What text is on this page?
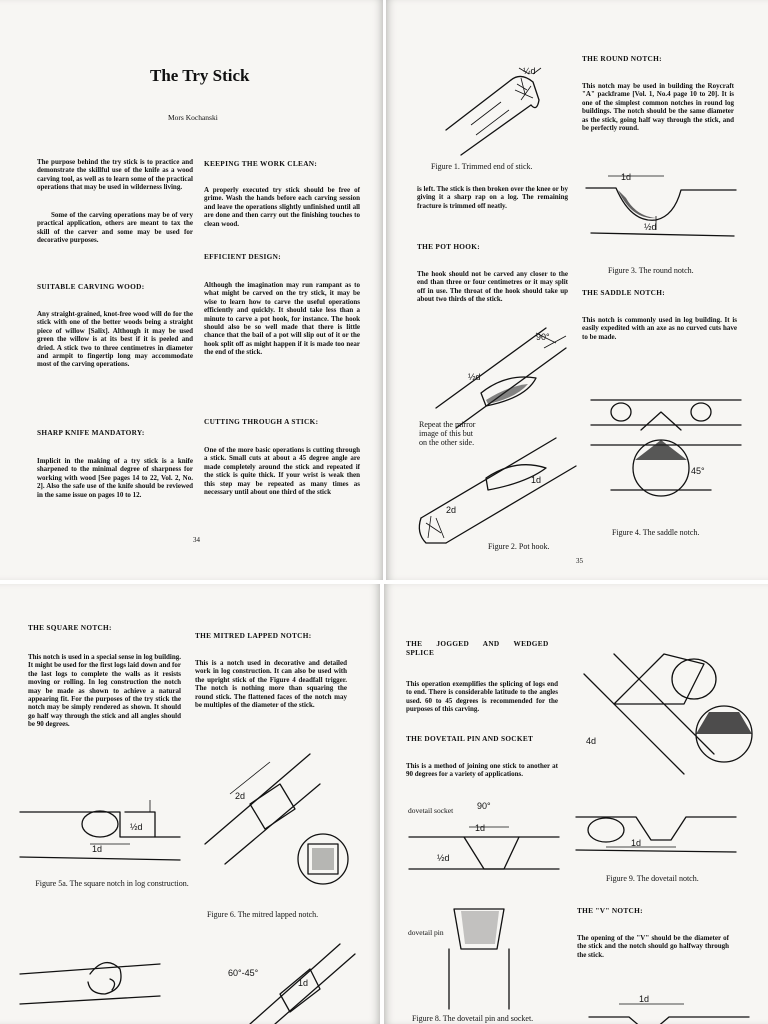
The Try Stick
Mors Kochanski
The purpose behind the try stick is to practice and demonstrate the skillful use of the knife as a wood carving tool, as well as to learn some of the practical operations that may be used in wilderness living.
Some of the carving operations may be of very practical application, others are meant to tax the skill of the carver and some may be used for decorative purposes.
SUITABLE CARVING WOOD:
Any straight-grained, knot-free wood will do for the stick with one of the better woods being a straight piece of willow [Salix]. Although it may be used green the willow is at its best if it is peeled and dried. A stick two to three centimetres in diameter and armpit to fingertip long may accommodate most of the carving operations.
SHARP KNIFE MANDATORY:
Implicit in the making of a try stick is a knife sharpened to the minimal degree of sharpness for working with wood [See pages 14 to 22, Vol. 2, No. 2]. Also the safe use of the knife should be reviewed in the same issue on pages 10 to 12.
KEEPING THE WORK CLEAN:
A properly executed try stick should be free of grime. Wash the hands before each carving session and leave the operations slightly unfinished until all are done and then carry out the finishing touches to clean wood.
EFFICIENT DESIGN:
Although the imagination may run rampant as to what might be carved on the try stick, it may be wise to learn how to carve the useful operations efficiently and quickly. It should take less than a minute to carve a pot hook, for instance. The hook should also be so well made that there is little chance that the bail of a pot will slip out of it or the hook split off as might happen if it is made too near the end of the stick.
CUTTING THROUGH A STICK:
One of the more basic operations is cutting through a stick. Small cuts at about a 45 degree angle are made completely around the stick and repeated if the stick is quite thick. If your wrist is weak then this step may be repeated as many times as necessary until about one third of the stick
34
¼d
Figure 1. Trimmed end of stick.
is left. The stick is then broken over the knee or by giving it a sharp rap on a log. The remaining fracture is trimmed off neatly.
THE POT HOOK:
The hook should not be carved any closer to the end than three or four centimetres or it may split off in use. The throat of the hook should take up about two thirds of the stick.
90°
½d
2d
1d
Repeat the mirror image of this but on the other side.
Figure 2. Pot hook.
THE ROUND NOTCH:
This notch may be used in building the Roycraft "A" packframe [Vol. 1, No.4 page 10 to 20]. It is one of the simplest common notches in round log buildings. The notch should be the same diameter as the stick, going half way through the stick, and be perfectly round.
1d
½d
Figure 3. The round notch.
THE SADDLE NOTCH:
This notch is commonly used in log building. It is easily expedited with an axe as no curved cuts have to be made.
45°
Figure 4. The saddle notch.
35
THE SQUARE NOTCH:
This notch is used in a special sense in log building. It might be used for the first logs laid down and for the last logs to complete the walls as it resists moving or rolling. In log construction the notch may be made as shown to achieve a natural appearing fit. For the purposes of the try stick the notch may be simply rendered as shown. It should go half way through the stick and all angles should be 90 degrees.
½d
1d
Figure 5a. The square notch in log construction.
THE MITRED LAPPED NOTCH:
This is a notch used in decorative and detailed work in log construction. It can also be used with the upright stick of the Figure 4 deadfall trigger. The notch is nothing more than squaring the round stick. The flattened faces of the notch may be multiples of the diameter of the stick.
2d
Figure 6. The mitred lapped notch.
60°-45°
1d
THE JOGGED AND WEDGED SPLICE
This operation exemplifies the splicing of logs end to end. There is considerable latitude to the angles used. 60 to 45 degrees is recommended for the purposes of this carving.
THE DOVETAIL PIN AND SOCKET
This is a method of joining one stick to another at 90 degrees for a variety of applications.
dovetail socket	90°
1d
½d
dovetail pin
Figure 8. The dovetail pin and socket.
4d
1d
Figure 9. The dovetail notch.
THE "V" NOTCH:
The opening of the "V" should be the diameter of the stick and the notch should go halfway through the stick.
1d
